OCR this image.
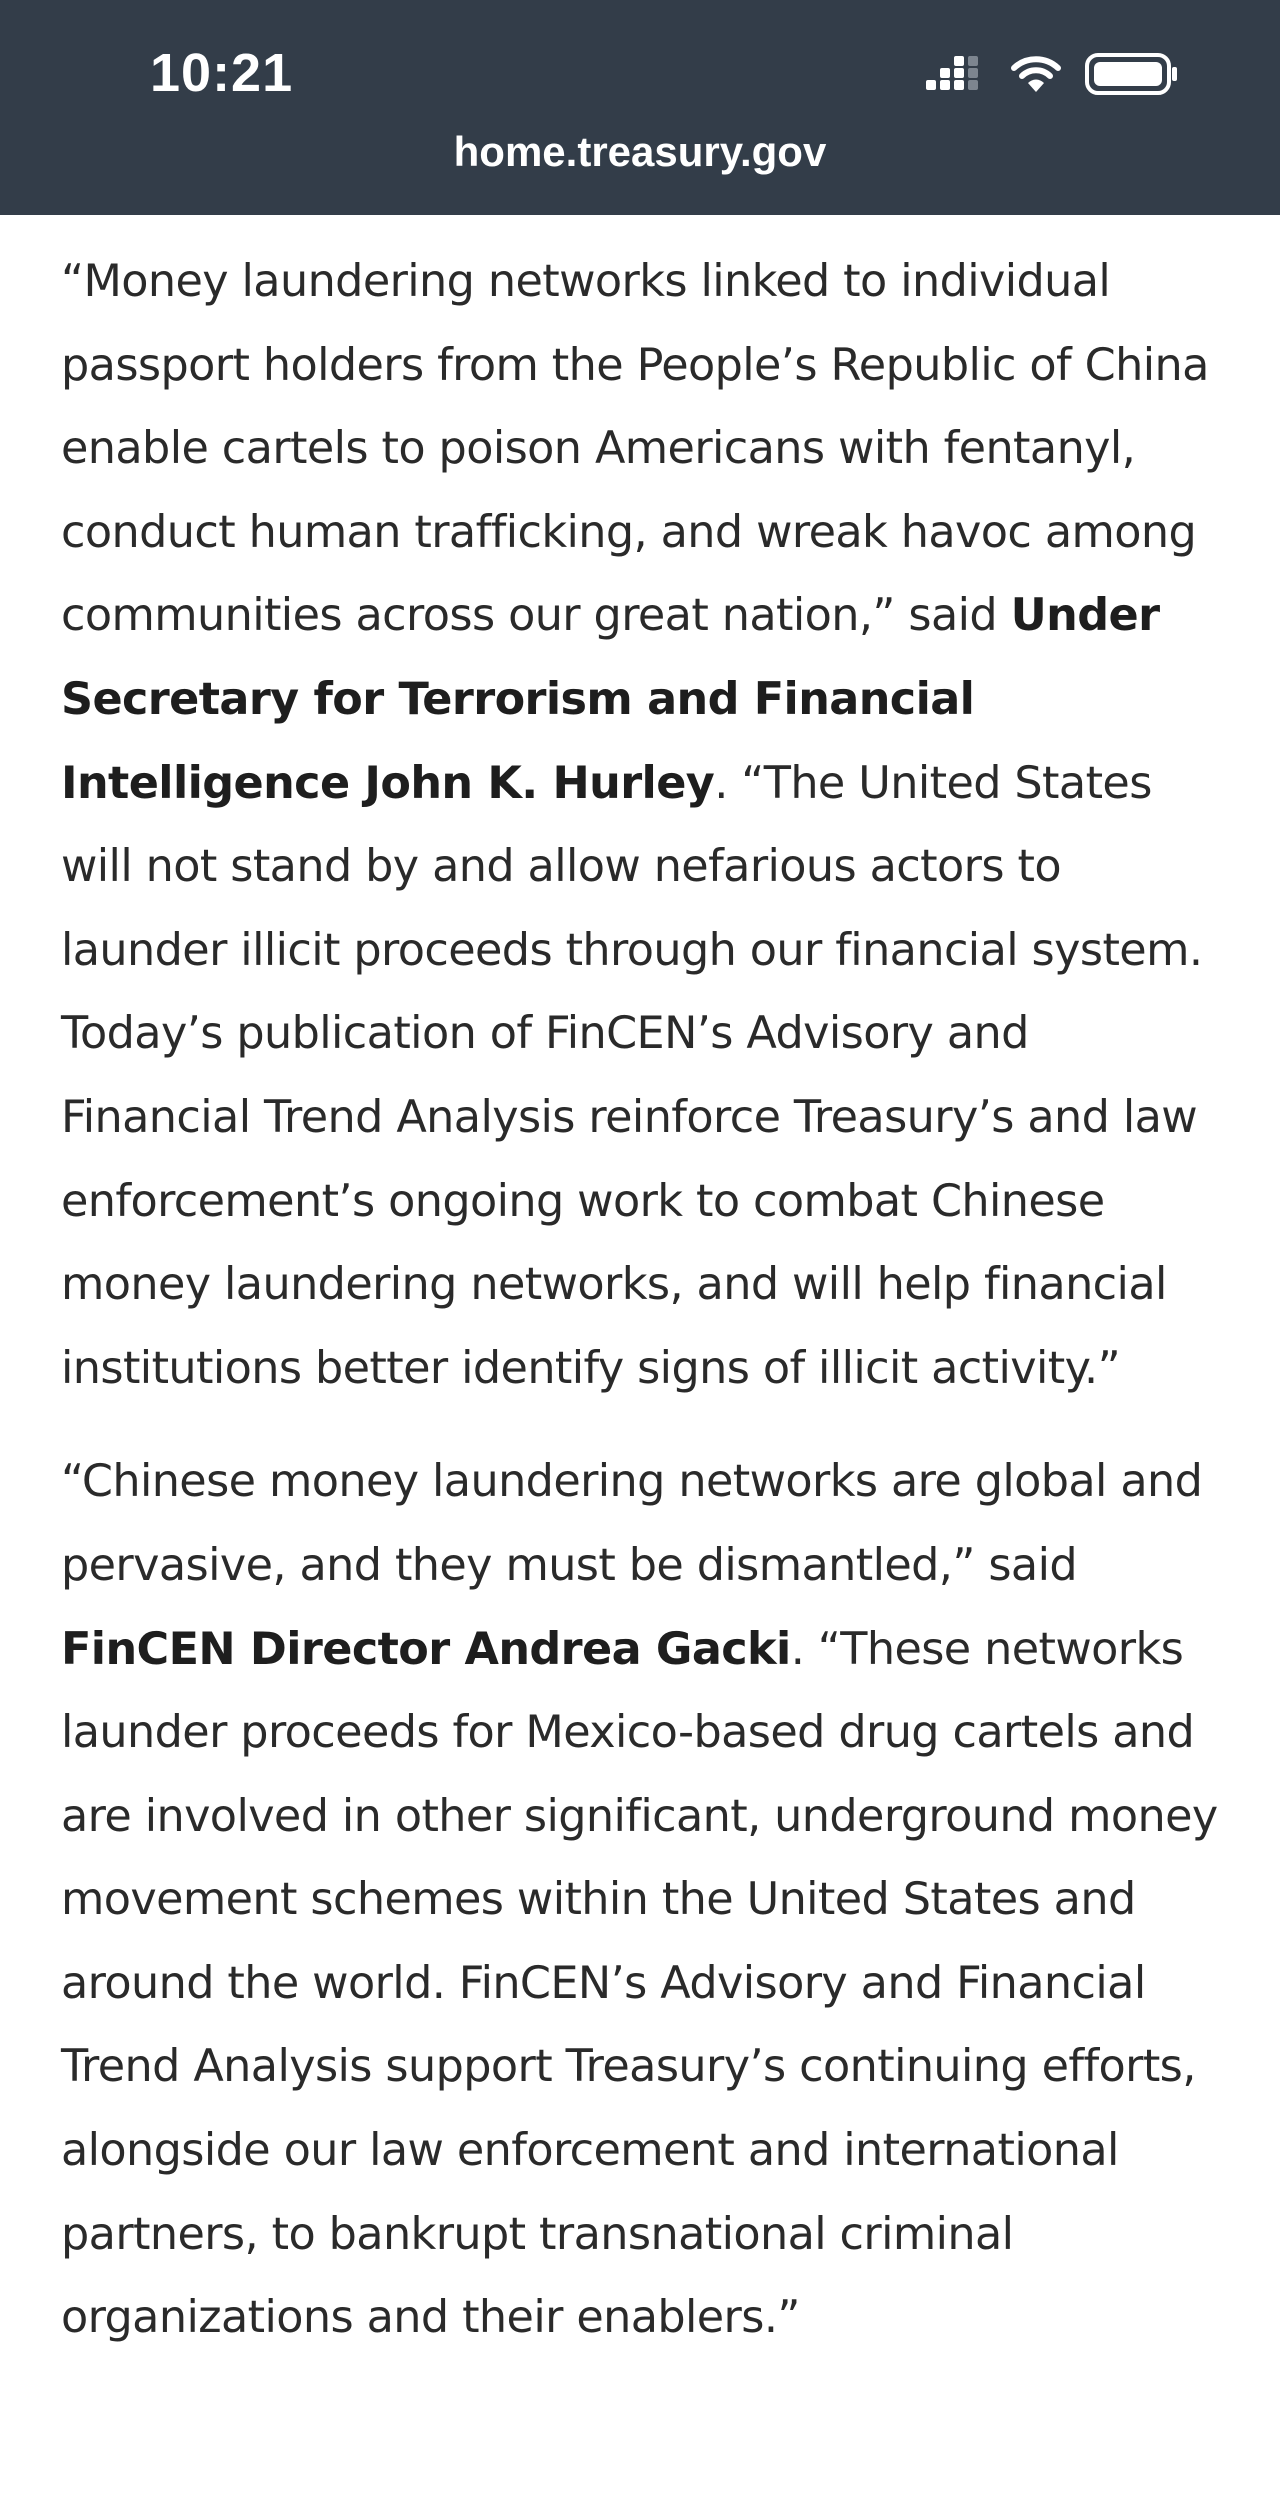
10:21
home.treasury.gov

“Money laundering networks linked to individual passport holders from the People’s Republic of China enable cartels to poison Americans with fentanyl, conduct human trafficking, and wreak havoc among communities across our great nation,” said Under Secretary for Terrorism and Financial Intelligence John K. Hurley. “The United States will not stand by and allow nefarious actors to launder illicit proceeds through our financial system. Today’s publication of FinCEN’s Advisory and Financial Trend Analysis reinforce Treasury’s and law enforcement’s ongoing work to combat Chinese money laundering networks, and will help financial institutions better identify signs of illicit activity.”

“Chinese money laundering networks are global and pervasive, and they must be dismantled,” said FinCEN Director Andrea Gacki. “These networks launder proceeds for Mexico-based drug cartels and are involved in other significant, underground money movement schemes within the United States and around the world. FinCEN’s Advisory and Financial Trend Analysis support Treasury’s continuing efforts, alongside our law enforcement and international partners, to bankrupt transnational criminal organizations and their enablers.”
